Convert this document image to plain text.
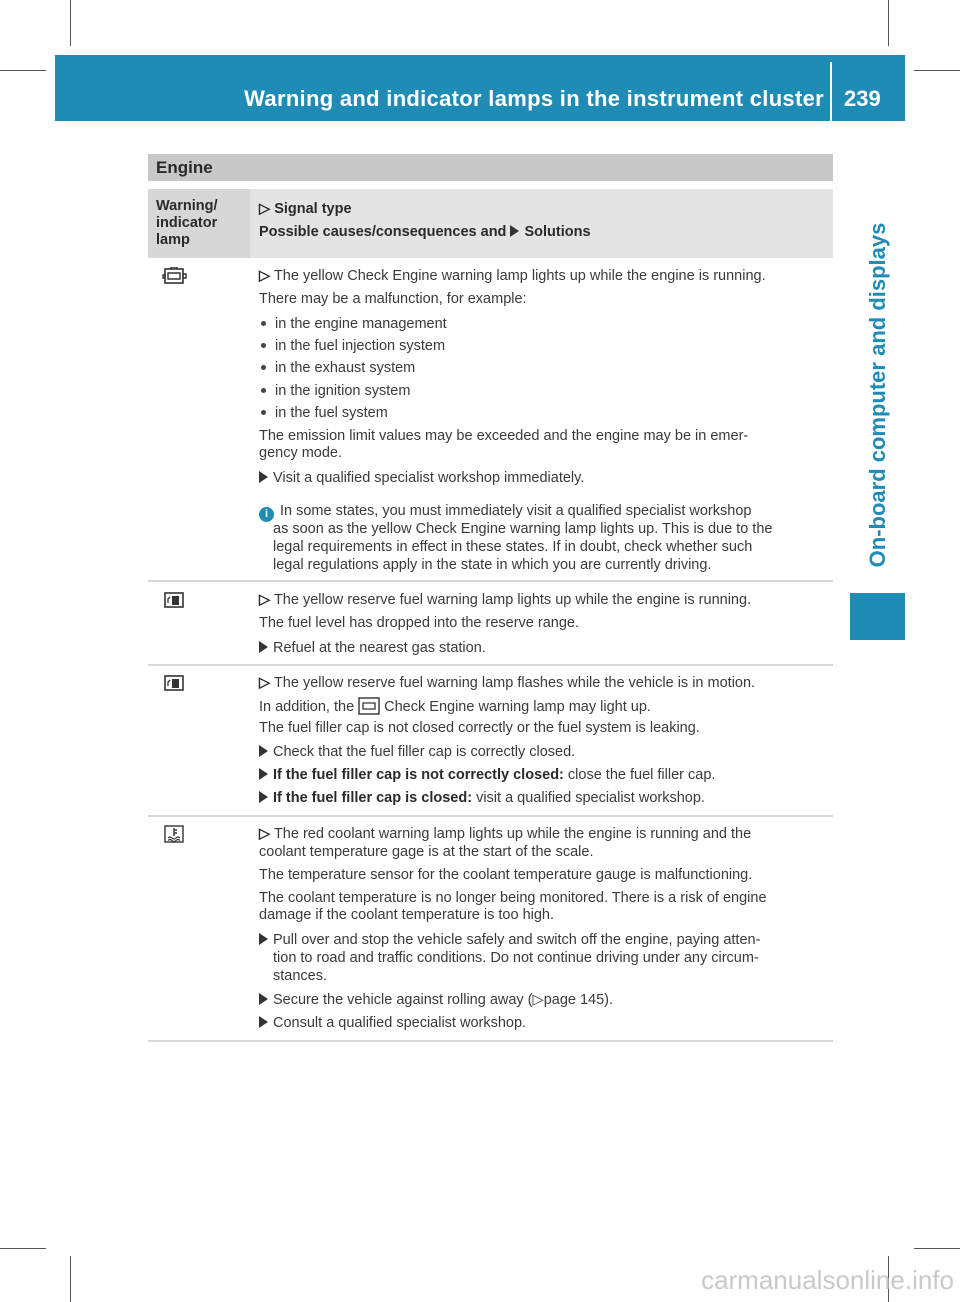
Warning and indicator lamps in the instrument cluster 239
On-board computer and displays
Engine
Warning/
indicator
lamp
▷ Signal type
Possible causes/consequences and Solutions
▷ The yellow Check Engine warning lamp lights up while the engine is running.
There may be a malfunction, for example:
in the engine management
in the fuel injection system
in the exhaust system
in the ignition system
in the fuel system
The emission limit values may be exceeded and the engine may be in emer-
gency mode.
Visit a qualified specialist workshop immediately.
i In some states, you must immediately visit a qualified specialist workshop
as soon as the yellow Check Engine warning lamp lights up. This is due to the
legal requirements in effect in these states. If in doubt, check whether such
legal regulations apply in the state in which you are currently driving.
▷ The yellow reserve fuel warning lamp lights up while the engine is running.
The fuel level has dropped into the reserve range.
Refuel at the nearest gas station.
▷ The yellow reserve fuel warning lamp flashes while the vehicle is in motion.
In addition, the Check Engine warning lamp may light up.
The fuel filler cap is not closed correctly or the fuel system is leaking.
Check that the fuel filler cap is correctly closed.
If the fuel filler cap is not correctly closed: close the fuel filler cap.
If the fuel filler cap is closed: visit a qualified specialist workshop.
▷ The red coolant warning lamp lights up while the engine is running and the
coolant temperature gage is at the start of the scale.
The temperature sensor for the coolant temperature gauge is malfunctioning.
The coolant temperature is no longer being monitored. There is a risk of engine
damage if the coolant temperature is too high.
Pull over and stop the vehicle safely and switch off the engine, paying atten-
tion to road and traffic conditions. Do not continue driving under any circum-
stances.
Secure the vehicle against rolling away (▷page 145).
Consult a qualified specialist workshop.
carmanualsonline.info
